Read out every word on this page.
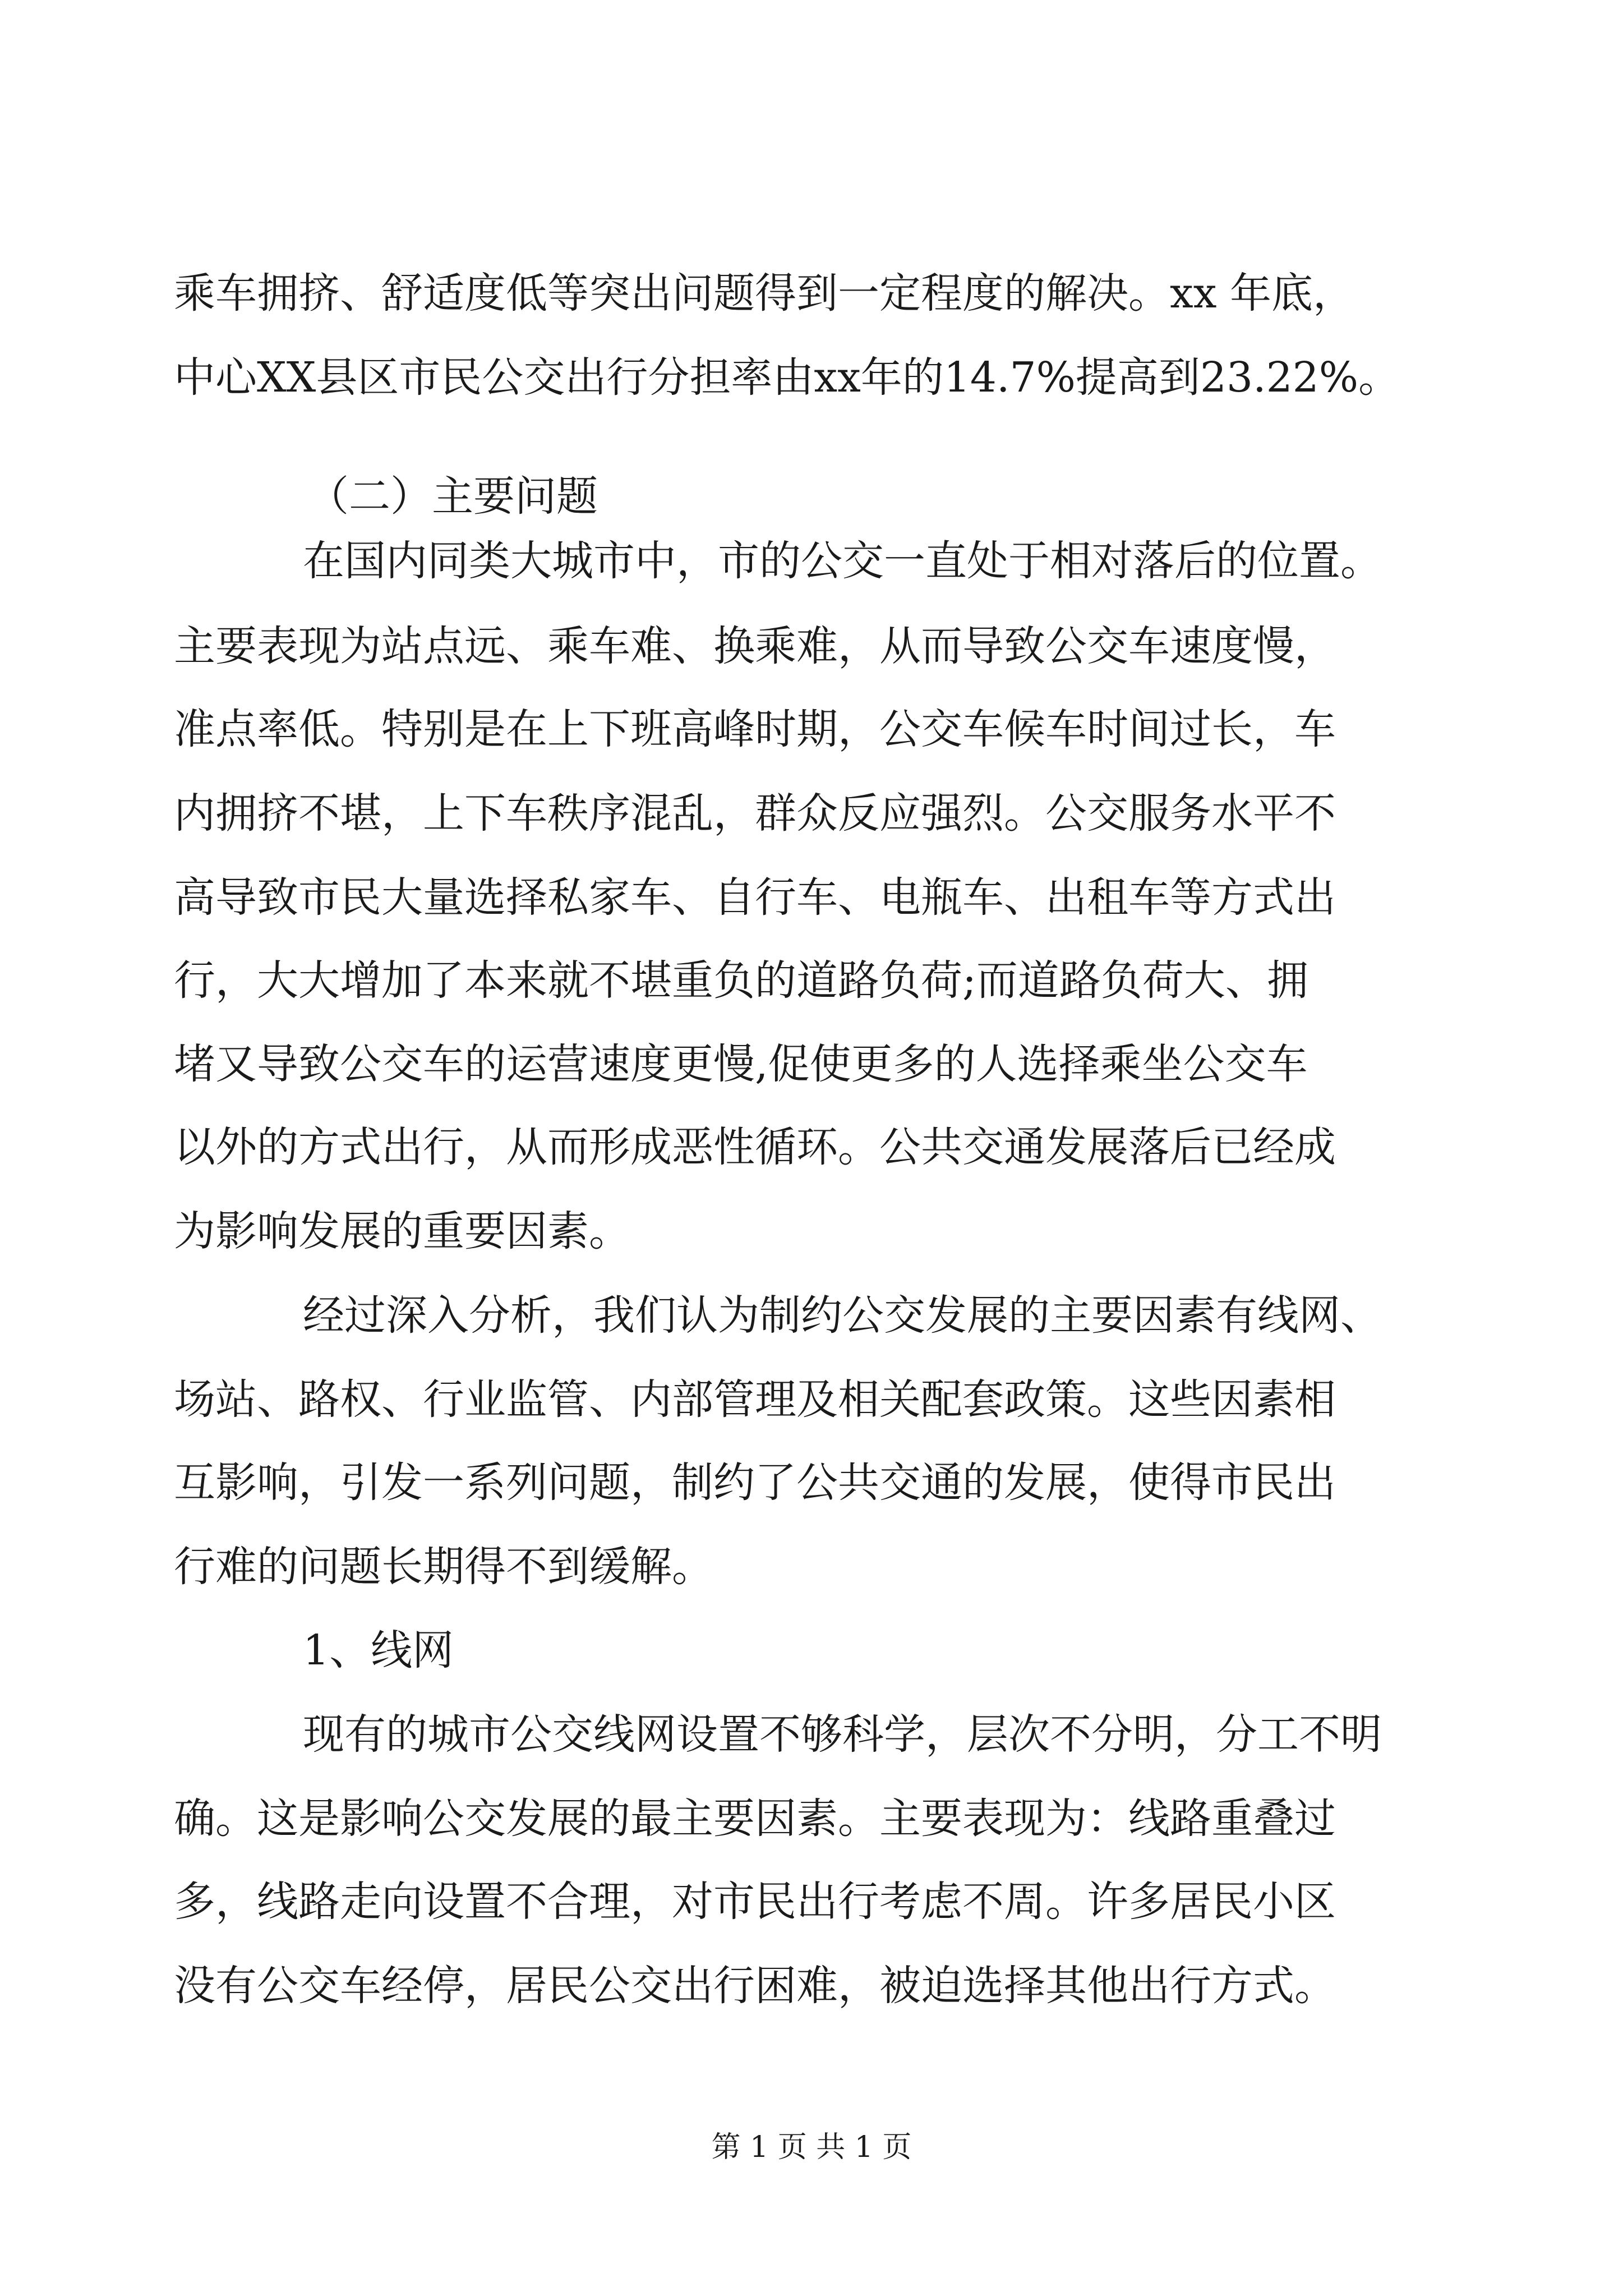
乘车拥挤、舒适度低等突出问题得到一定程度的解决。xx 年底，
中心XX县区市民公交出行分担率由xx年的14.7%提高到23.22%。
（二）主要问题
在国内同类大城市中，市的公交一直处于相对落后的位置。
主要表现为站点远、乘车难、换乘难，从而导致公交车速度慢，
准点率低。特别是在上下班高峰时期，公交车候车时间过长，车
内拥挤不堪，上下车秩序混乱，群众反应强烈。公交服务水平不
高导致市民大量选择私家车、自行车、电瓶车、出租车等方式出
行，大大增加了本来就不堪重负的道路负荷;而道路负荷大、拥
堵又导致公交车的运营速度更慢,促使更多的人选择乘坐公交车
以外的方式出行，从而形成恶性循环。公共交通发展落后已经成
为影响发展的重要因素。
经过深入分析，我们认为制约公交发展的主要因素有线网、
场站、路权、行业监管、内部管理及相关配套政策。这些因素相
互影响，引发一系列问题，制约了公共交通的发展，使得市民出
行难的问题长期得不到缓解。
1、线网
现有的城市公交线网设置不够科学，层次不分明，分工不明
确。这是影响公交发展的最主要因素。主要表现为：线路重叠过
多，线路走向设置不合理，对市民出行考虑不周。许多居民小区
没有公交车经停，居民公交出行困难，被迫选择其他出行方式。
第 1 页 共 1 页
